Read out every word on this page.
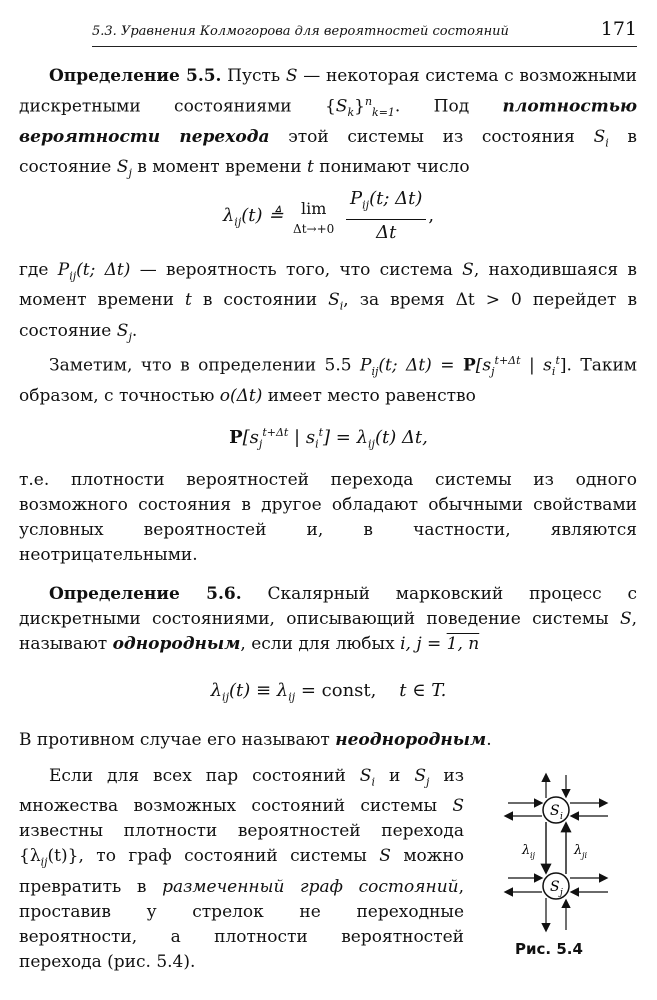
5.3. Уравнения Колмогорова для вероятностей состояний	171

Определение 5.5. Пусть S — некоторая система с возможными дискретными состояниями $\{S_k\}^n_{k=1}$. Под плотностью вероятности перехода этой системы из состояния $S_i$ в состояние $S_j$ в момент времени t понимают число

$\lambda_{ij}(t)$ ≜ lim
Δt→+0
$\frac{P_{ij}(t; \Delta t)}{\Delta t}$ ,

где $P_{ij}(t$; Δt) — вероятность того, что система S, находившаяся в момент времени t в состоянии $S_i$, за время Δt > 0 перейдет в состояние $S_j$.

Заметим, что в определении 5.5 $P_{ij}(t$; $\Delta t) = P[s_j^{t+\Delta t}$ | $s_i^t$]. Таким образом, с точностью o(Δt) имеет место равенство

$P[s_j^{t+\Delta t}$ | $s_i^t] = \lambda_{ij}(t)$ Δt,

т.е. плотности вероятностей перехода системы из одного возможного состояния в другое обладают обычными свойствами условных вероятностей и, в частности, являются неотрицательными.

Определение 5.6. Скалярный марковский процесс с дискретными состояниями, описывающий поведение системы S, называют однородным, если для любых i, j = 1, n

$\lambda_{ij}(t) \equiv \lambda_{ij}$ = const, t ∈ T.

В противном случае его называют неоднородным.

Если для всех пар состояний $S_i$ и $S_j$ из множества возможных состояний системы S известны плотности вероятностей перехода $\{\lambda_{ij}(t)\}$, то граф состояний системы S можно превратить в размеченный граф состояний, проставив у стрелок не переходные вероятности, а плотности вероятностей перехода (рис. 5.4).

S i
S j
λ ij	λ ji
Рис. 5.4
